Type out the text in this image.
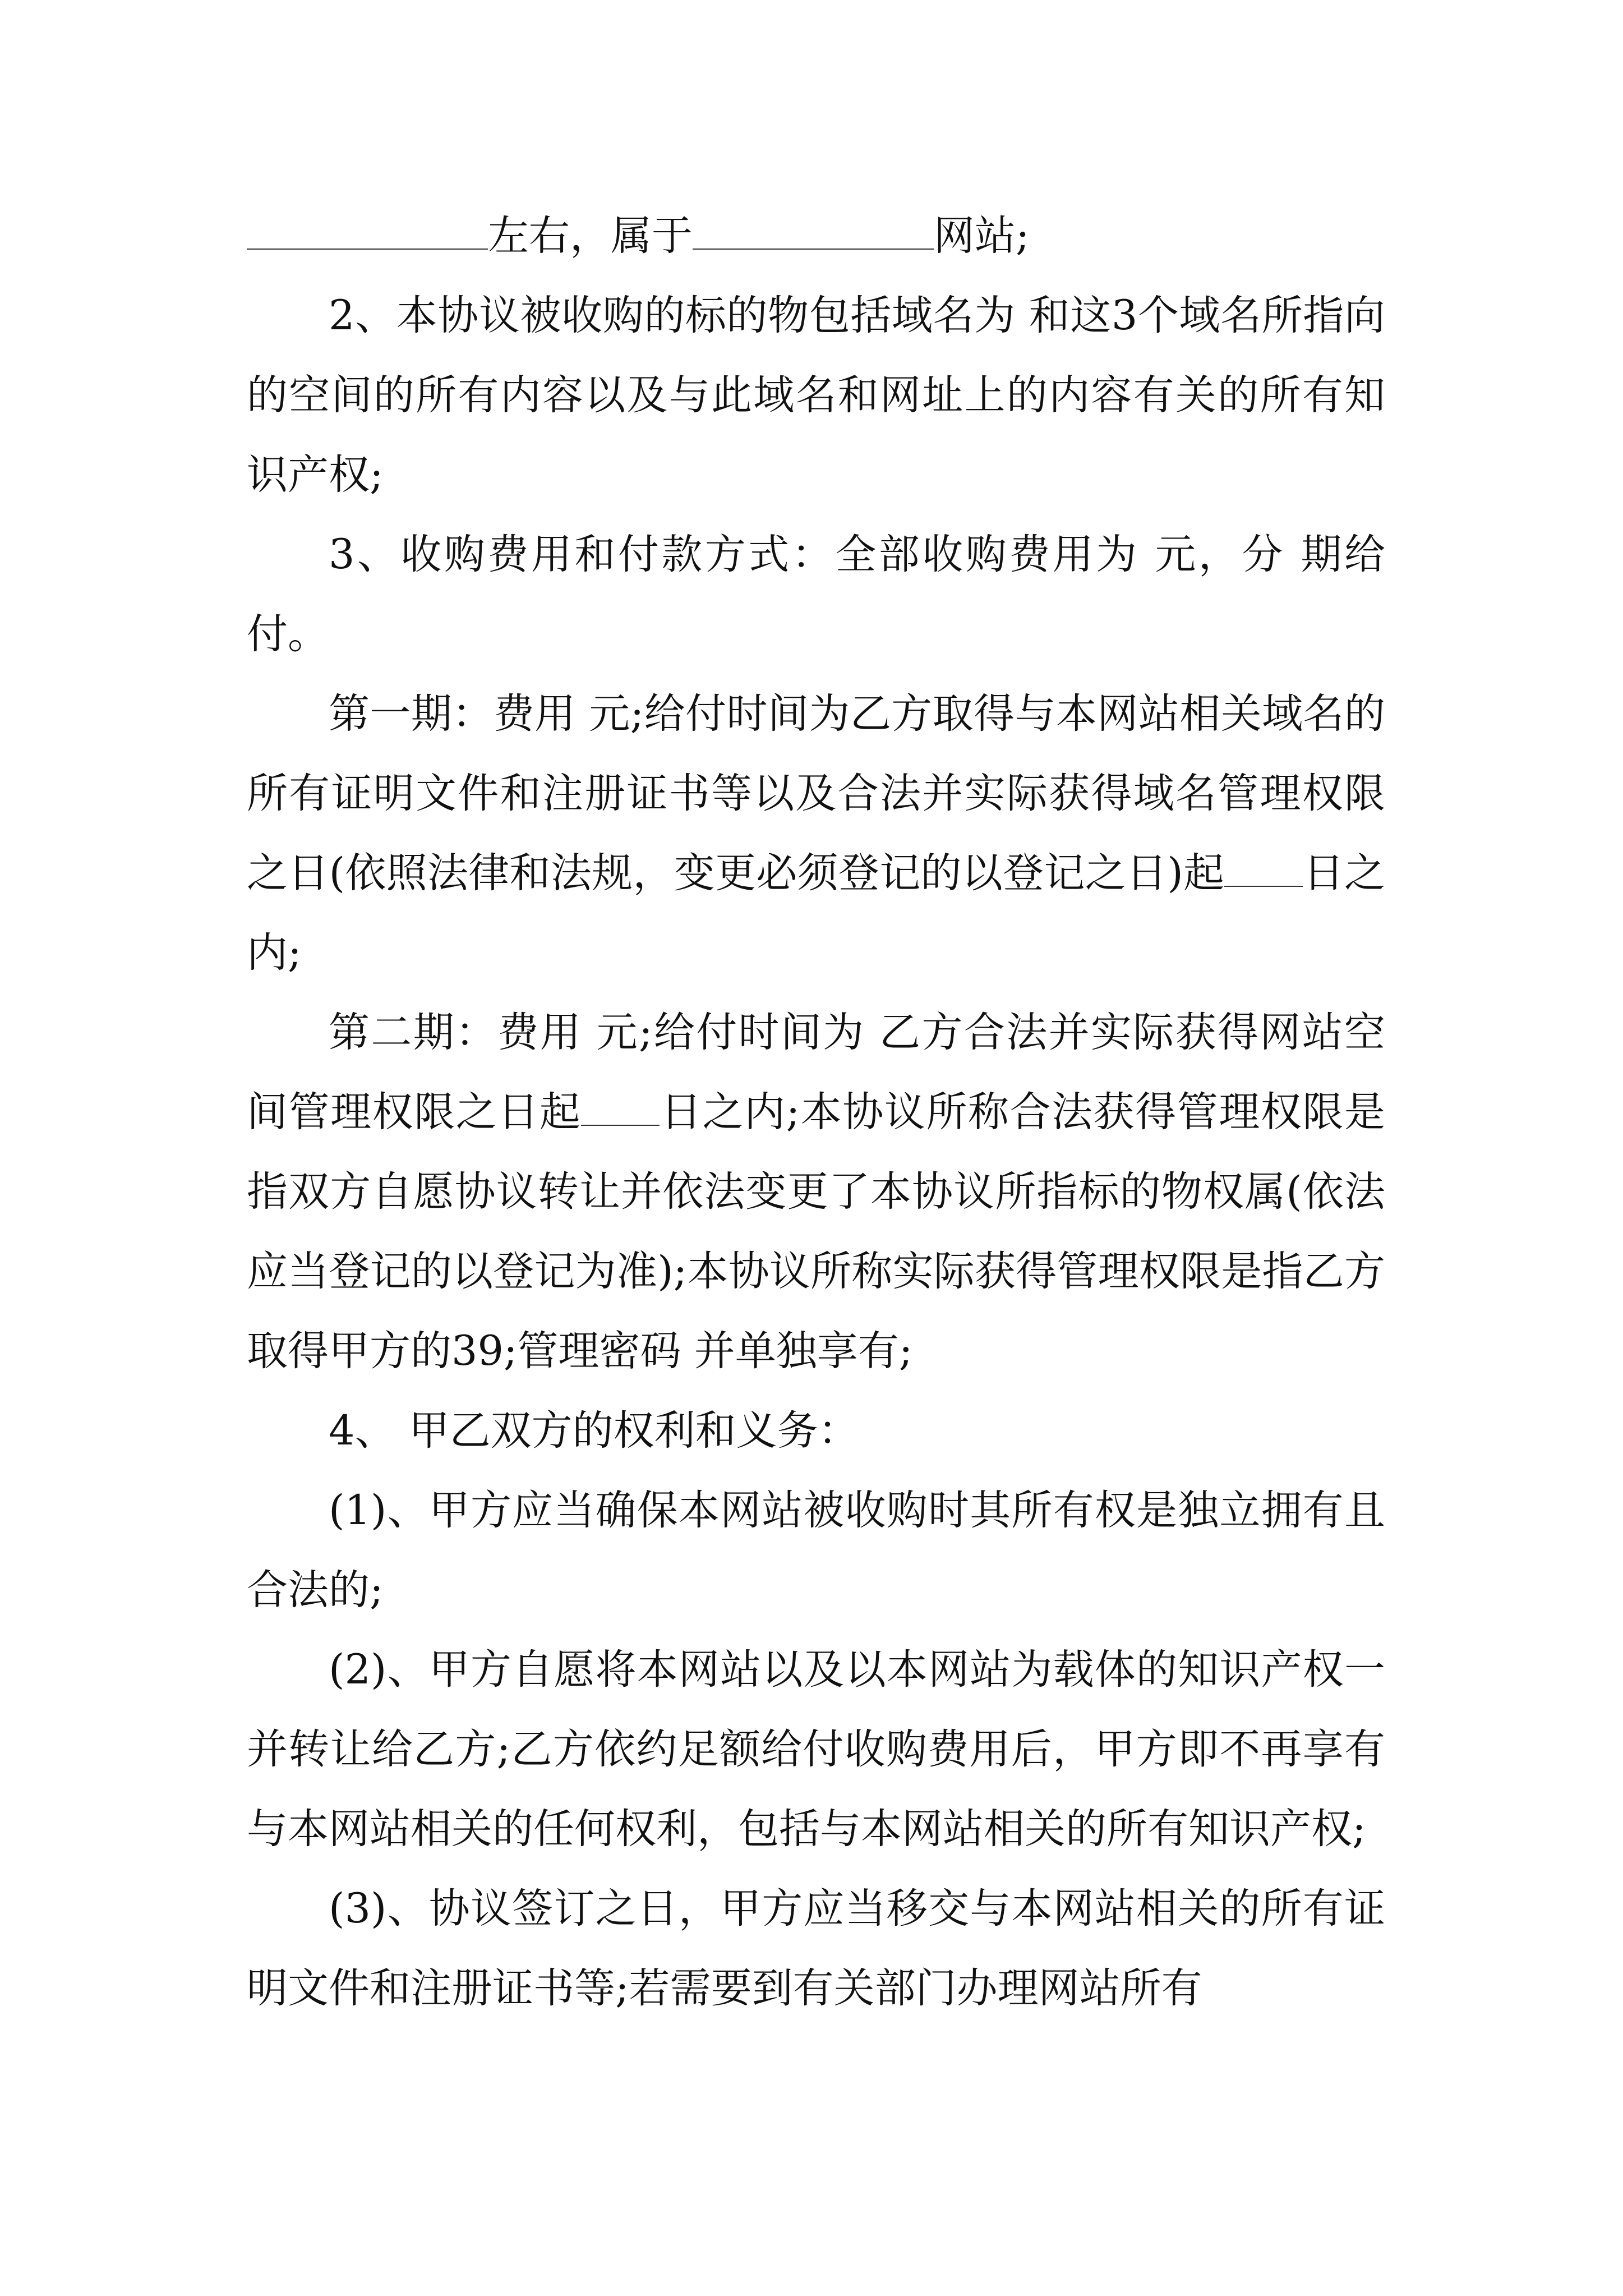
左右，属于	网站;

2、本协议被收购的标的物包括域名为 和这3个域名所指向的空间的所有内容以及与此域名和网址上的内容有关的所有知识产权;

3、收购费用和付款方式：全部收购费用为 元，分 期给付。

第一期：费用 元;给付时间为乙方取得与本网站相关域名的所有证明文件和注册证书等以及合法并实际获得域名管理权限之日(依照法律和法规，变更必须登记的以登记之日)起 日之内;

第二期：费用 元;给付时间为 乙方合法并实际获得网站空间管理权限之日起 日之内;本协议所称合法获得管理权限是指双方自愿协议转让并依法变更了本协议所指标的物权属(依法应当登记的以登记为准);本协议所称实际获得管理权限是指乙方取得甲方的39;管理密码 并单独享有;

4、 甲乙双方的权利和义务：

(1)、甲方应当确保本网站被收购时其所有权是独立拥有且合法的;

(2)、甲方自愿将本网站以及以本网站为载体的知识产权一并转让给乙方;乙方依约足额给付收购费用后，甲方即不再享有与本网站相关的任何权利，包括与本网站相关的所有知识产权;

(3)、协议签订之日，甲方应当移交与本网站相关的所有证明文件和注册证书等;若需要到有关部门办理网站所有
